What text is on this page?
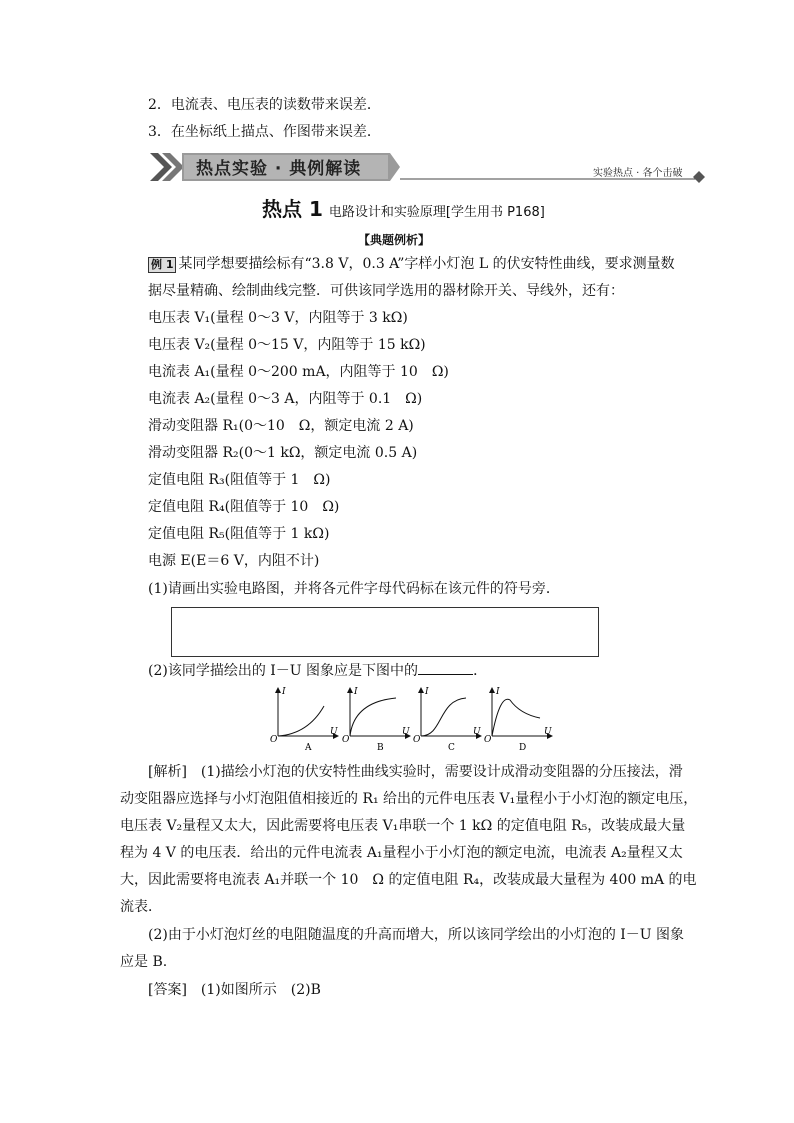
2．电流表、电压表的读数带来误差．
3．在坐标纸上描点、作图带来误差．
热点实验 · 典例解读	实验热点 · 各个击破
热点 1 电路设计和实验原理[学生用书 P168]
【典题例析】
例 1 某同学想要描绘标有“3.8 V，0.3 A”字样小灯泡 L 的伏安特性曲线，要求测量数
据尽量精确、绘制曲线完整．可供该同学选用的器材除开关、导线外，还有：
电压表 V₁(量程 0～3 V，内阻等于 3 kΩ)
电压表 V₂(量程 0～15 V，内阻等于 15 kΩ)
电流表 A₁(量程 0～200 mA，内阻等于 10　Ω)
电流表 A₂(量程 0～3 A，内阻等于 0.1　Ω)
滑动变阻器 R₁(0～10　Ω，额定电流 2 A)
滑动变阻器 R₂(0～1 kΩ，额定电流 0.5 A)
定值电阻 R₃(阻值等于 1　Ω)
定值电阻 R₄(阻值等于 10　Ω)
定值电阻 R₅(阻值等于 1 kΩ)
电源 E(E＝6 V，内阻不计)
(1)请画出实验电路图，并将各元件字母代码标在该元件的符号旁．
(2)该同学描绘出的 I－U 图象应是下图中的	．
I
U
O
I
U
O
I
U
O
I
U
O
A	B	C	D
[解析]　(1)描绘小灯泡的伏安特性曲线实验时，需要设计成滑动变阻器的分压接法，滑
动变阻器应选择与小灯泡阻值相接近的 R₁ 给出的元件电压表 V₁量程小于小灯泡的额定电压，
电压表 V₂量程又太大，因此需要将电压表 V₁串联一个 1 kΩ 的定值电阻 R₅，改装成最大量
程为 4 V 的电压表．给出的元件电流表 A₁量程小于小灯泡的额定电流，电流表 A₂量程又太
大，因此需要将电流表 A₁并联一个 10　Ω 的定值电阻 R₄，改装成最大量程为 400 mA 的电
流表．
(2)由于小灯泡灯丝的电阻随温度的升高而增大，所以该同学绘出的小灯泡的 I－U 图象
应是 B.
[答案]　(1)如图所示　(2)B
